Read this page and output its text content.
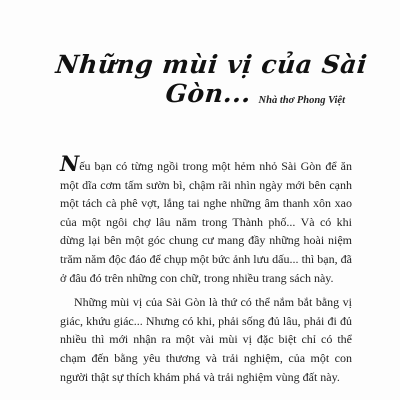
Những mùi vị của Sài Gòn... Nhà thơ Phong Việt

Nếu bạn có từng ngồi trong một hẻm nhỏ Sài Gòn để ăn một dĩa cơm tấm sườn bì, chậm rãi nhìn ngày mới bên cạnh một tách cà phê vợt, lắng tai nghe những âm thanh xôn xao của một ngôi chợ lâu năm trong Thành phố... Và có khi dừng lại bên một góc chung cư mang đầy những hoài niệm trăm năm độc đáo để chụp một bức ảnh lưu dấu... thì bạn, đã ở đâu đó trên những con chữ, trong nhiều trang sách này.

Những mùi vị của Sài Gòn là thứ có thể nắm bắt bằng vị giác, khứu giác... Nhưng có khi, phải sống đủ lâu, phải đi đủ nhiều thì mới nhận ra một vài mùi vị đặc biệt chỉ có thể chạm đến bằng yêu thương và trải nghiệm, của một con người thật sự thích khám phá và trải nghiệm vùng đất này.
